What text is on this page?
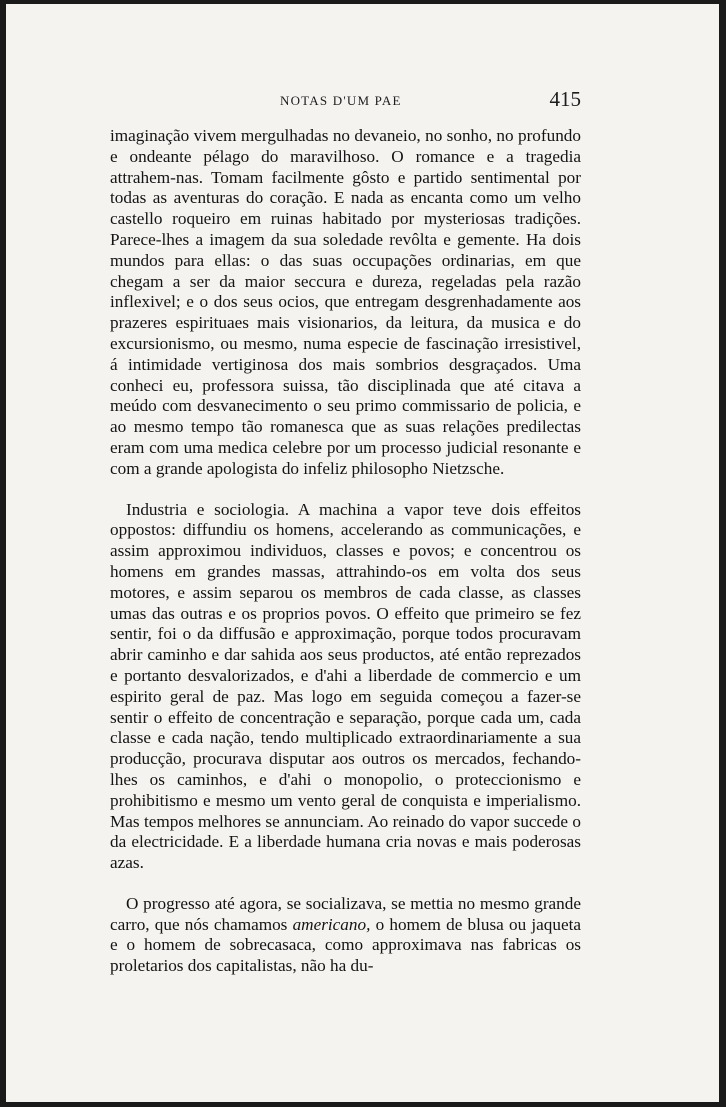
NOTAS D'UM PAE	415

imaginação vivem mergulhadas no devaneio, no sonho, no profundo e ondeante pélago do maravilhoso. O romance e a tragedia attrahem-nas. Tomam facilmente gôsto e partido sentimental por todas as aventuras do coração. E nada as encanta como um velho castello roqueiro em ruinas habitado por mysteriosas tradições. Parece-lhes a imagem da sua soledade revôlta e gemente. Ha dois mundos para ellas: o das suas occupações ordinarias, em que chegam a ser da maior seccura e dureza, regeladas pela razão inflexivel; e o dos seus ocios, que entregam desgrenhadamente aos prazeres espirituaes mais visionarios, da leitura, da musica e do excursionismo, ou mesmo, numa especie de fascinação irresistivel, á intimidade vertiginosa dos mais sombrios desgraçados. Uma conheci eu, professora suissa, tão disciplinada que até citava a meúdo com desvanecimento o seu primo commissario de policia, e ao mesmo tempo tão romanesca que as suas relações predilectas eram com uma medica celebre por um processo judicial resonante e com a grande apologista do infeliz philosopho Nietzsche.

Industria e sociologia. A machina a vapor teve dois effeitos oppostos: diffundiu os homens, accelerando as communicações, e assim approximou individuos, classes e povos; e concentrou os homens em grandes massas, attrahindo-os em volta dos seus motores, e assim separou os membros de cada classe, as classes umas das outras e os proprios povos. O effeito que primeiro se fez sentir, foi o da diffusão e approximação, porque todos procuravam abrir caminho e dar sahida aos seus productos, até então reprezados e portanto desvalorizados, e d'ahi a liberdade de commercio e um espirito geral de paz. Mas logo em seguida começou a fazer-se sentir o effeito de concentração e separação, porque cada um, cada classe e cada nação, tendo multiplicado extraordinariamente a sua producção, procurava disputar aos outros os mercados, fechando-lhes os caminhos, e d'ahi o monopolio, o proteccionismo e prohibitismo e mesmo um vento geral de conquista e imperialismo. Mas tempos melhores se annunciam. Ao reinado do vapor succede o da electricidade. E a liberdade humana cria novas e mais poderosas azas.

O progresso até agora, se socializava, se mettia no mesmo grande carro, que nós chamamos americano, o homem de blusa ou jaqueta e o homem de sobrecasaca, como approximava nas fabricas os proletarios dos capitalistas, não ha du-
